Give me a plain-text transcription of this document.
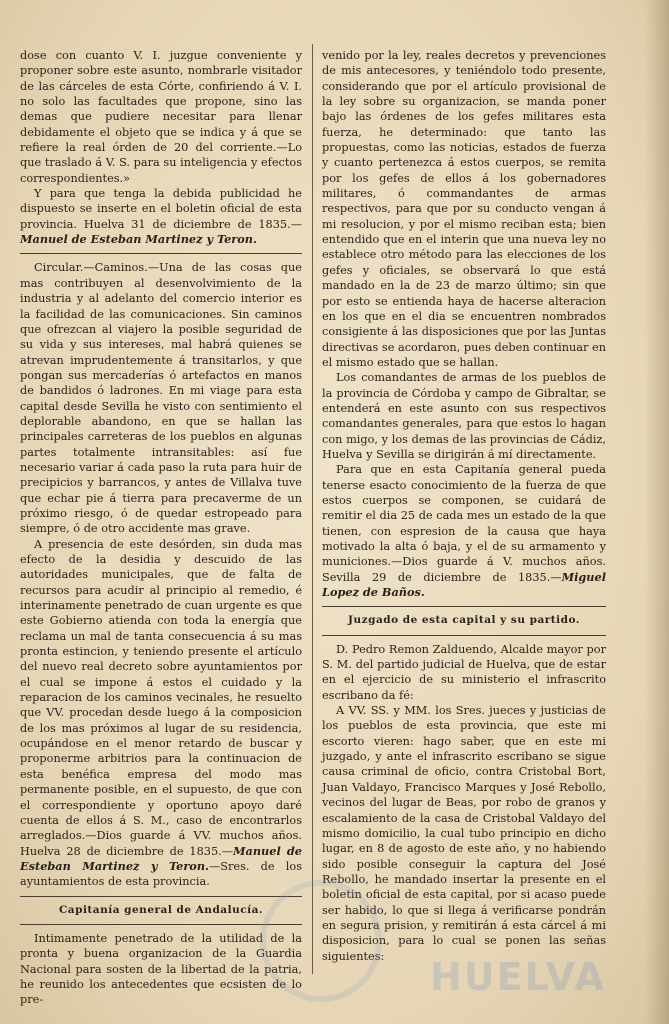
dose con cuanto V. I. juzgue conveniente y proponer sobre este asunto, nombrarle visitador de las cárceles de esta Córte, confiriendo á V. I. no solo las facultades que propone, sino las demas que pudiere necesitar para llenar debidamente el objeto que se indica y á que se refiere la real órden de 20 del corriente.—Lo que traslado á V. S. para su inteligencia y efectos correspondientes.»

Y para que tenga la debida publicidad he dispuesto se inserte en el boletin oficial de esta provincia. Huelva 31 de diciembre de 1835.—Manuel de Esteban Martinez y Teron.

Circular.—Caminos.—Una de las cosas que mas contribuyen al desenvolvimiento de la industria y al adelanto del comercio interior es la facilidad de las comunicaciones. Sin caminos que ofrezcan al viajero la posible seguridad de su vida y sus intereses, mal habrá quienes se atrevan imprudentemente á transitarlos, y que pongan sus mercaderías ó artefactos en manos de bandidos ó ladrones. En mi viage para esta capital desde Sevilla he visto con sentimiento el deplorable abandono, en que se hallan las principales carreteras de los pueblos en algunas partes totalmente intransitables: así fue necesario variar á cada paso la ruta para huir de precipicios y barrancos, y antes de Villalva tuve que echar pie á tierra para precaverme de un próximo riesgo, ó de quedar estropeado para siempre, ó de otro accidente mas grave.

A presencia de este desórden, sin duda mas efecto de la desidia y descuido de las autoridades municipales, que de falta de recursos para acudir al principio al remedio, é interinamente penetrado de cuan urgente es que este Gobierno atienda con toda la energía que reclama un mal de tanta consecuencia á su mas pronta estincion, y teniendo presente el artículo del nuevo real decreto sobre ayuntamientos por el cual se impone á estos el cuidado y la reparacion de los caminos vecinales, he resuelto que VV. procedan desde luego á la composicion de los mas próximos al lugar de su residencia, ocupándose en el menor retardo de buscar y proponerme arbitrios para la continuacion de esta benéfica empresa del modo mas permanente posible, en el supuesto, de que con el correspondiente y oportuno apoyo daré cuenta de ellos á S. M., caso de encontrarlos arreglados.—Dios guarde á VV. muchos años. Huelva 28 de diciembre de 1835.—Manuel de Esteban Martinez y Teron.—Sres. de los ayuntamientos de esta provincia.

Capitanía general de Andalucía.

Intimamente penetrado de la utilidad de la pronta y buena organizacion de la Guardia Nacional para sosten de la libertad de la patria, he reunido los antecedentes que ecsisten de lo pre-

venido por la ley, reales decretos y prevenciones de mis antecesores, y teniéndolo todo presente, considerando que por el artículo provisional de la ley sobre su organizacion, se manda poner bajo las órdenes de los gefes militares esta fuerza, he determinado: que tanto las propuestas, como las noticias, estados de fuerza y cuanto pertenezca á estos cuerpos, se remita por los gefes de ellos á los gobernadores militares, ó commandantes de armas respectivos, para que por su conducto vengan á mi resolucion, y por el mismo reciban esta; bien entendido que en el interin que una nueva ley no establece otro método para las elecciones de los gefes y oficiales, se observará lo que está mandado en la de 23 de marzo último; sin que por esto se entienda haya de hacerse alteracion en los que en el dia se encuentren nombrados consigiente á las disposiciones que por las Juntas directivas se acordaron, pues deben continuar en el mismo estado que se hallan.

Los comandantes de armas de los pueblos de la provincia de Córdoba y campo de Gibraltar, se entenderá en este asunto con sus respectivos comandantes generales, para que estos lo hagan con migo, y los demas de las provincias de Cádiz, Huelva y Sevilla se dirigirán á mí directamente.

Para que en esta Capitanía general pueda tenerse esacto conocimiento de la fuerza de que estos cuerpos se componen, se cuidará de remitir el dia 25 de cada mes un estado de la que tienen, con espresion de la causa que haya motivado la alta ó baja, y el de su armamento y municiones.—Dios guarde á V. muchos años. Sevilla 29 de diciembre de 1835.—Miguel Lopez de Baños.

Juzgado de esta capital y su partido.

D. Pedro Remon Zalduendo, Alcalde mayor por S. M. del partido judicial de Huelva, que de estar en el ejercicio de su ministerio el infrascrito escribano da fé:

A VV. SS. y MM. los Sres. jueces y justicias de los pueblos de esta provincia, que este mi escorto vieren: hago saber, que en este mi juzgado, y ante el infrascrito escribano se sigue causa criminal de oficio, contra Cristobal Bort, Juan Valdayo, Francisco Marques y José Rebollo, vecinos del lugar de Beas, por robo de granos y escalamiento de la casa de Cristobal Valdayo del mismo domicilio, la cual tubo principio en dicho lugar, en 8 de agosto de este año, y no habiendo sido posible conseguir la captura del José Rebollo, he mandado insertar la presente en el boletin oficial de esta capital, por si acaso puede ser habido, lo que si llega á verificarse pondrán en segura prision, y remitirán á esta cárcel á mi disposicion, para lo cual se ponen las señas siguientes:	HUELVA
